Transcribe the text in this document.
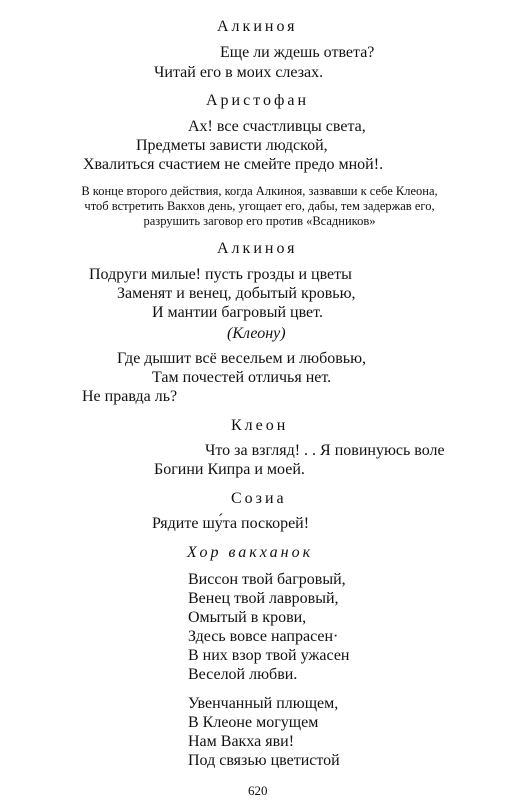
Алкиноя
Еще ли ждешь ответа?
Читай его в моих слезах.
Аристофан
Ах! все счастливцы света,
Предметы зависти людской,
Хвалиться счастием не смейте предо мной!.
В конце второго действия, когда Алкиноя, зазвавши к себе Клеона,
чтоб встретить Вакхов день, угощает его, дабы, тем задержав его,
разрушить заговор его против «Всадников»
Алкиноя
Подруги милые! пусть грозды и цветы
Заменят и венец, добытый кровью,
И мантии багровый цвет.
(Клеону)
Где дышит всё весельем и любовью,
Там почестей отличья нет.
Не правда ль?
Клеон
Что за взгляд! . . Я повинуюсь воле
Богини Кипра и моей.
Созиа
Рядите шу́та поскорей!
Хор вакханок
Виссон твой багровый,
Венец твой лавровый,
Омытый в крови,
Здесь вовсе напрасен·
В них взор твой ужасен
Веселой любви.
Увенчанный плющем,
В Клеоне могущем
Нам Вакха яви!
Под связью цветистой
620
